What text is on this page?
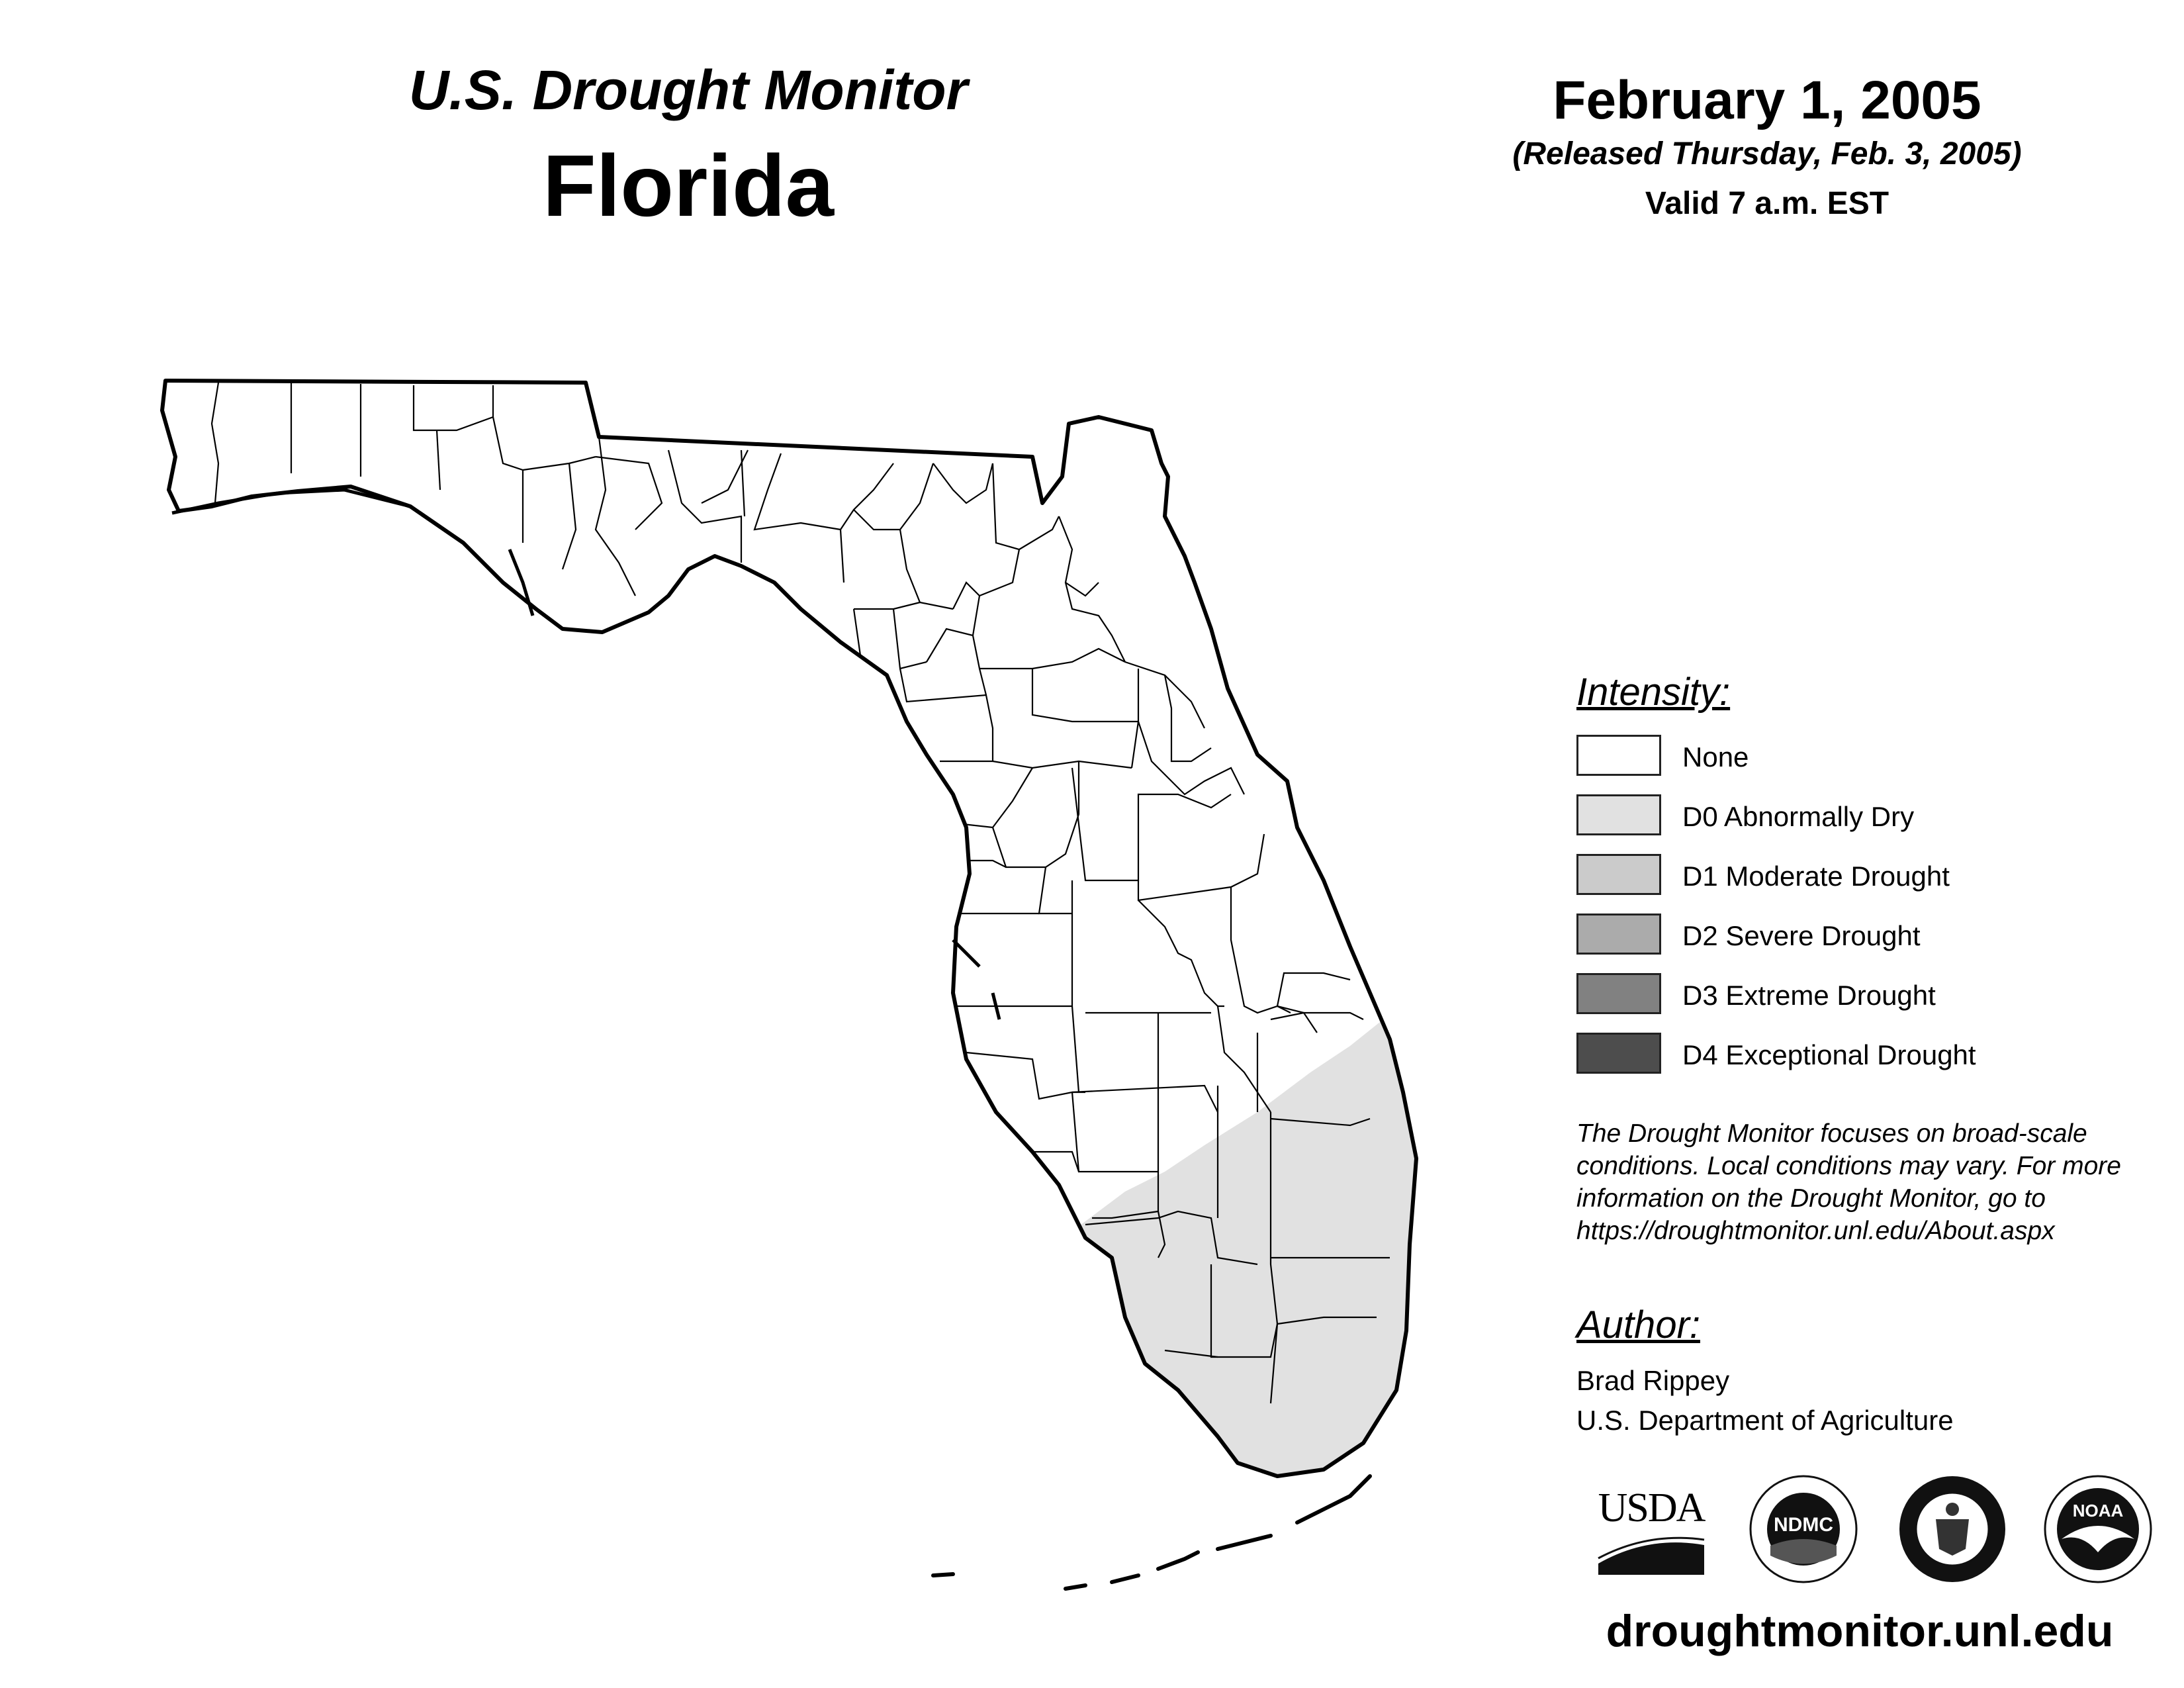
U.S. Drought Monitor
Florida
February 1, 2005
(Released Thursday, Feb. 3, 2005)
Valid 7 a.m. EST
Intensity:
None
D0 Abnormally Dry
D1 Moderate Drought
D2 Severe Drought
D3 Extreme Drought
D4 Exceptional Drought
The Drought Monitor focuses on broad-scale
conditions. Local conditions may vary. For more
information on the Drought Monitor, go to
https://droughtmonitor.unl.edu/About.aspx
Author:
Brad Rippey
U.S. Department of Agriculture
USDA	NDMC
NOAA
droughtmonitor.unl.edu
